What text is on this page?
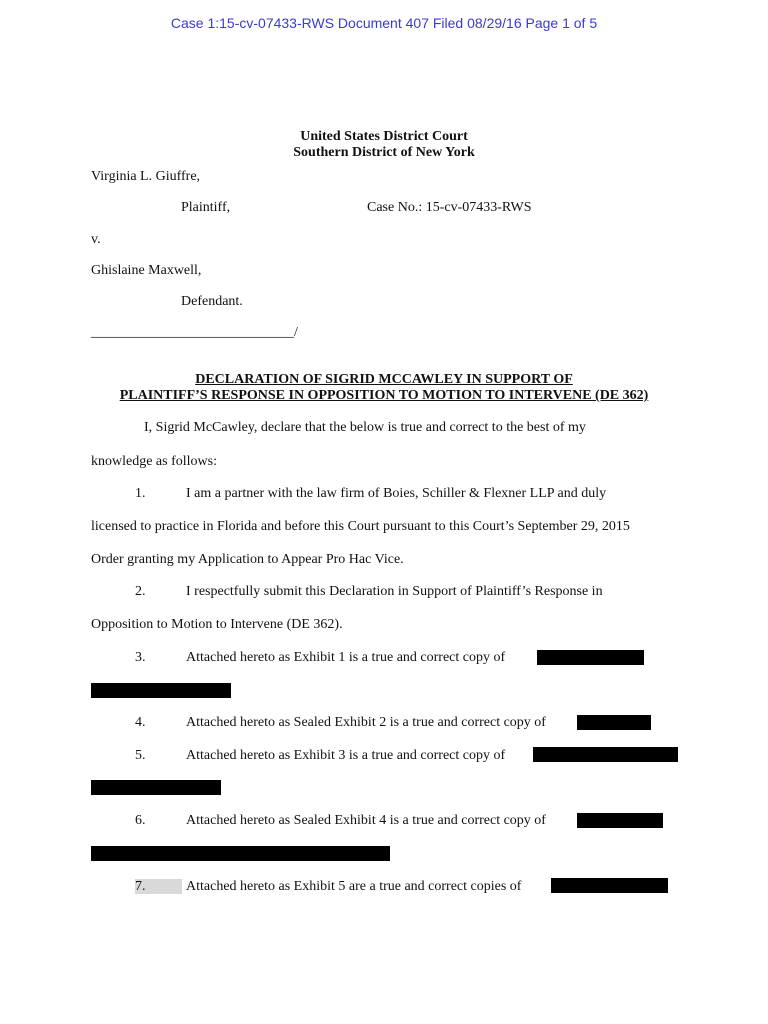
Case 1:15-cv-07433-RWS Document 407 Filed 08/29/16 Page 1 of 5
United States District Court
Southern District of New York
Virginia L. Giuffre,
Plaintiff,	Case No.: 15-cv-07433-RWS
v.
Ghislaine Maxwell,
Defendant.
_____________________________/
DECLARATION OF SIGRID MCCAWLEY IN SUPPORT OF
PLAINTIFF’S RESPONSE IN OPPOSITION TO MOTION TO INTERVENE (DE 362)
I, Sigrid McCawley, declare that the below is true and correct to the best of my
knowledge as follows:
1.	I am a partner with the law firm of Boies, Schiller & Flexner LLP and duly
licensed to practice in Florida and before this Court pursuant to this Court’s September 29, 2015
Order granting my Application to Appear Pro Hac Vice.
2.	I respectfully submit this Declaration in Support of Plaintiff’s Response in
Opposition to Motion to Intervene (DE 362).
3.	Attached hereto as Exhibit 1 is a true and correct copy of
4.	Attached hereto as Sealed Exhibit 2 is a true and correct copy of
5.	Attached hereto as Exhibit 3 is a true and correct copy of
6.	Attached hereto as Sealed Exhibit 4 is a true and correct copy of
7.	Attached hereto as Exhibit 5 are a true and correct copies of
